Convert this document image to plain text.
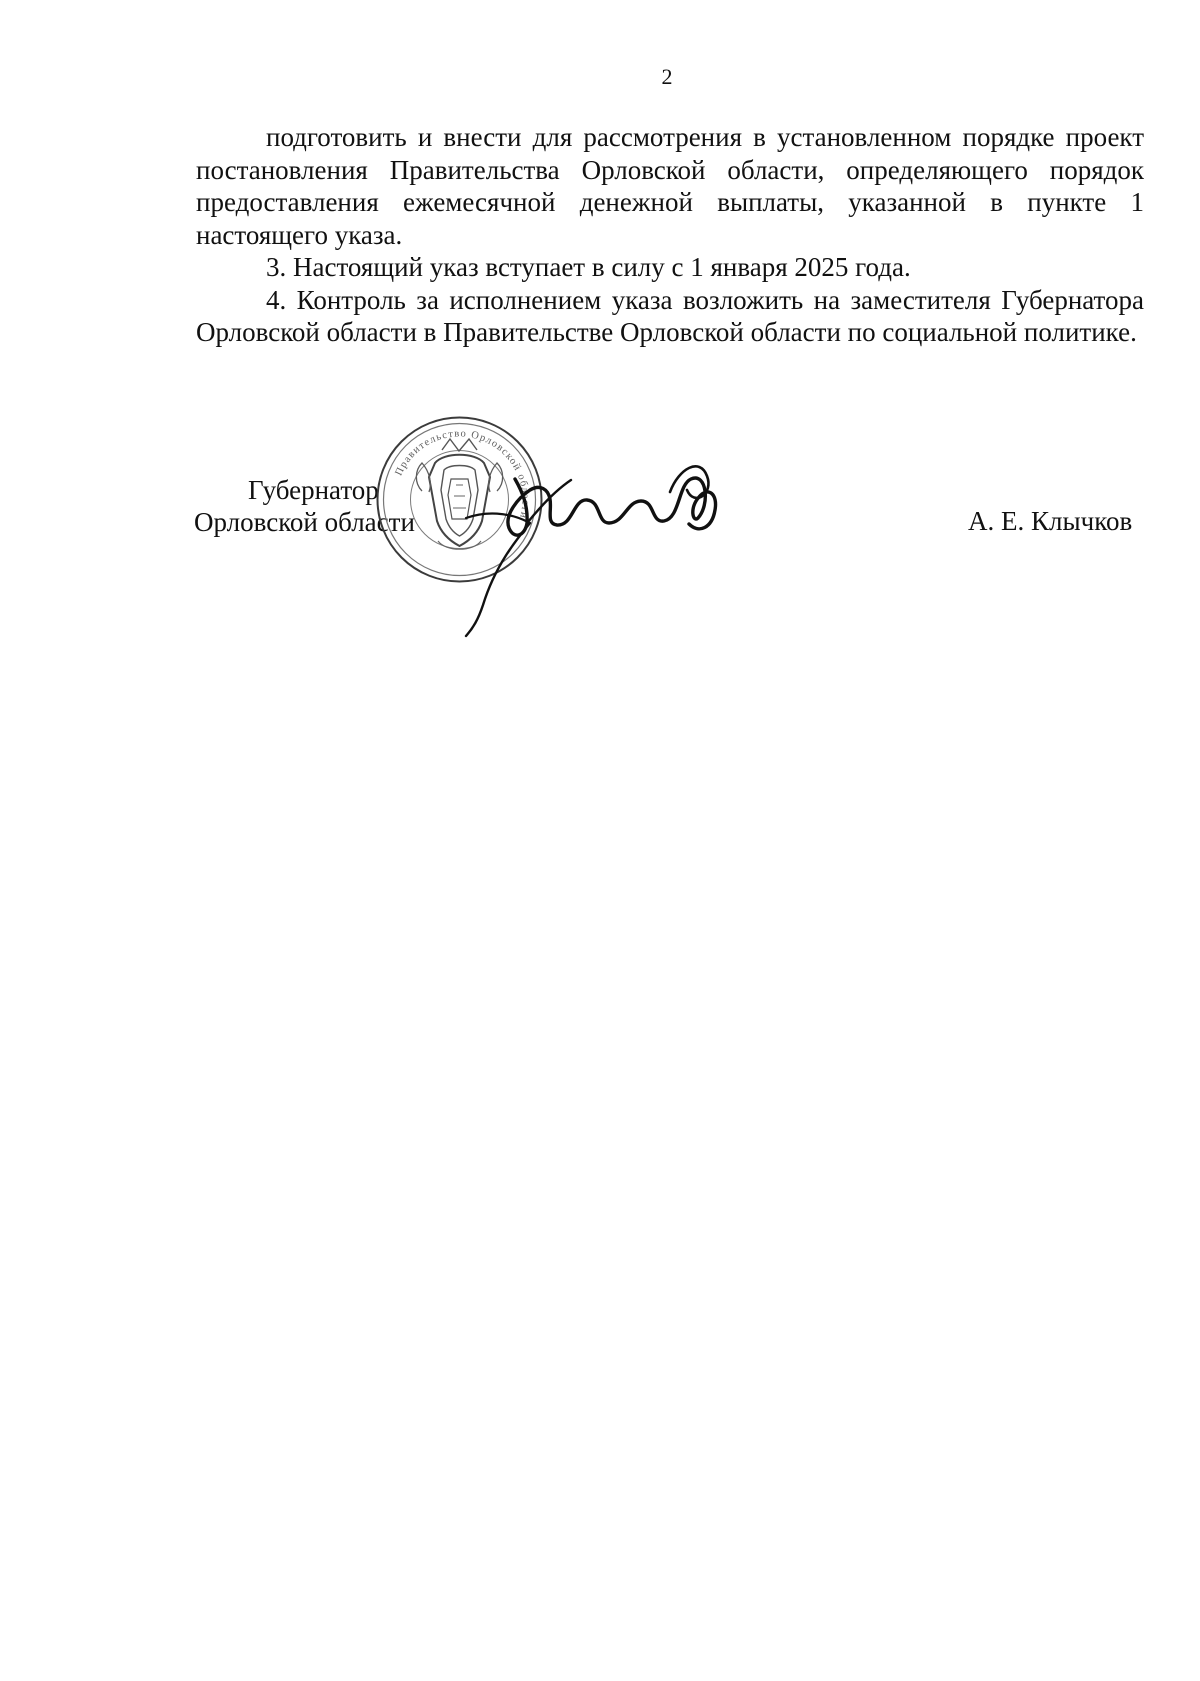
2

подготовить и внести для рассмотрения в установленном порядке проект постановления Правительства Орловской области, определяющего порядок предоставления ежемесячной денежной выплаты, указанной в пункте 1 настоящего указа.

3. Настоящий указ вступает в силу с 1 января 2025 года.

4. Контроль за исполнением указа возложить на заместителя Губернатора Орловской области в Правительстве Орловской области по социальной политике.

Губернатор
Орловской области	А. Е. Клычков
Правительство Орловской области
